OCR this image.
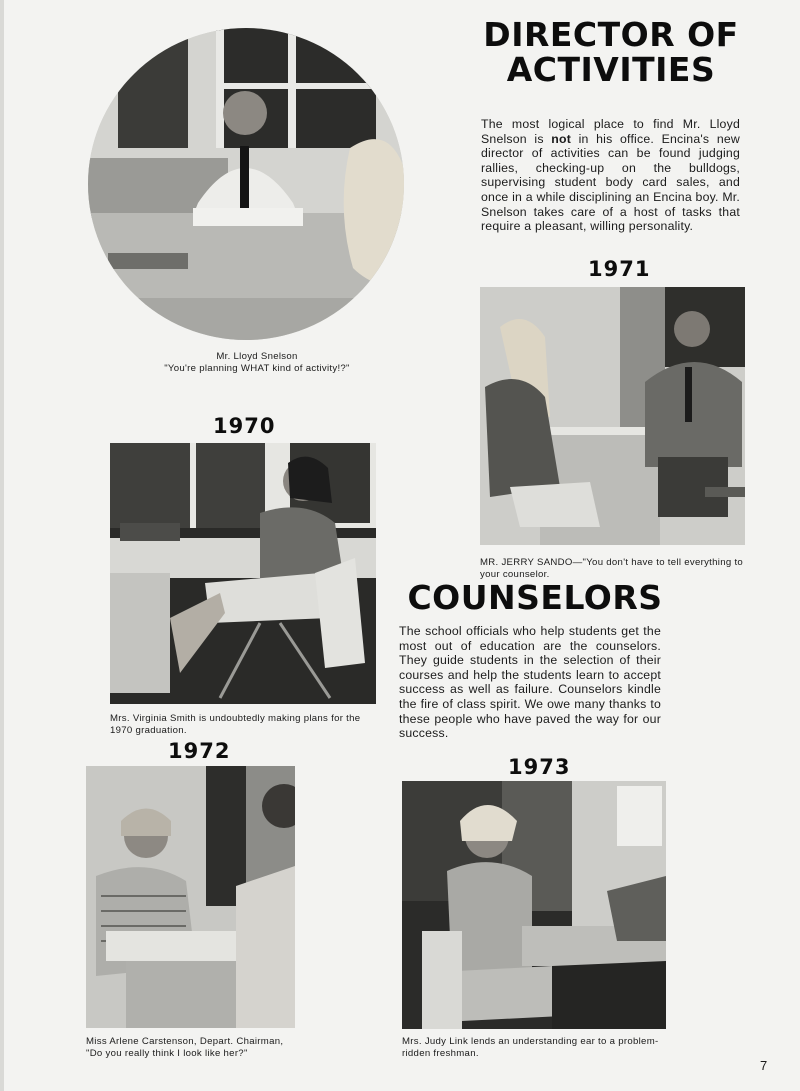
Mr. Lloyd Snelson
"You're planning WHAT kind of activity!?"
DIRECTOR OF ACTIVITIES
The most logical place to find Mr. Lloyd Snelson is not in his office. Encina's new director of activities can be found judging rallies, checking-up on the bulldogs, supervising student body card sales, and once in a while disciplining an Encina boy. Mr. Snelson takes care of a host of tasks that require a pleasant, willing personality.
1971
MR. JERRY SANDO—"You don't have to tell everything to your counselor.
COUNSELORS
The school officials who help students get the most out of education are the counselors. They guide students in the selection of their courses and help the students learn to accept success as well as failure. Counselors kindle the fire of class spirit. We owe many thanks to these people who have paved the way for our success.
1970
Mrs. Virginia Smith is undoubtedly making plans for the 1970 graduation.
1972
Miss Arlene Carstenson, Depart. Chairman, "Do you really think I look like her?"
1973
Mrs. Judy Link lends an understanding ear to a problem-ridden freshman.
7
